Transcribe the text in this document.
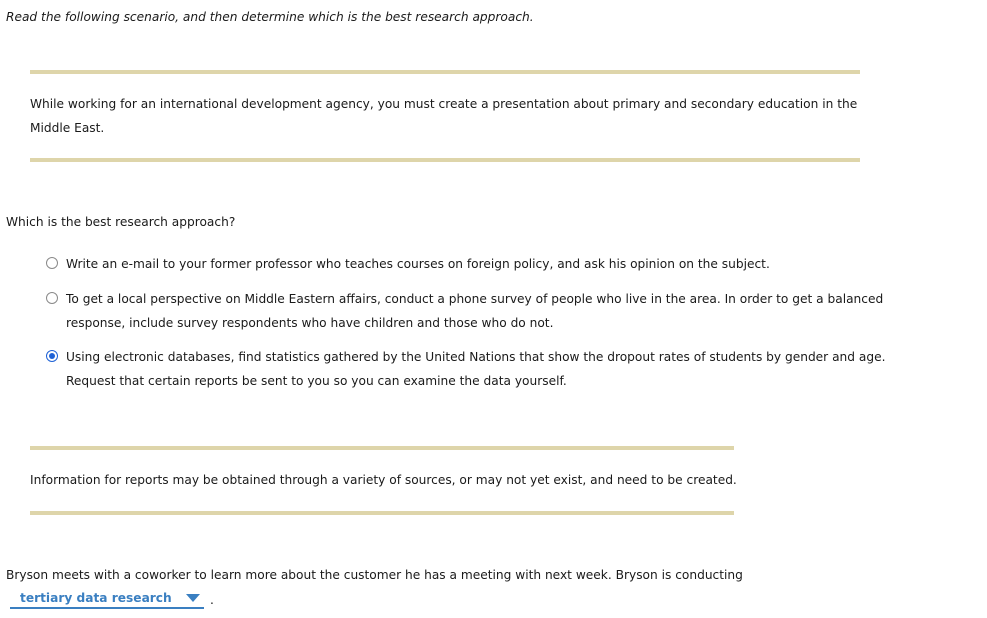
Read the following scenario, and then determine which is the best research approach.
While working for an international development agency, you must create a presentation about primary and secondary education in the Middle East.
Which is the best research approach?
Write an e-mail to your former professor who teaches courses on foreign policy, and ask his opinion on the subject.
To get a local perspective on Middle Eastern affairs, conduct a phone survey of people who live in the area. In order to get a balanced response, include survey respondents who have children and those who do not.
Using electronic databases, find statistics gathered by the United Nations that show the dropout rates of students by gender and age. Request that certain reports be sent to you so you can examine the data yourself.
Information for reports may be obtained through a variety of sources, or may not yet exist, and need to be created.
Bryson meets with a coworker to learn more about the customer he has a meeting with next week. Bryson is conducting
tertiary data research	.
